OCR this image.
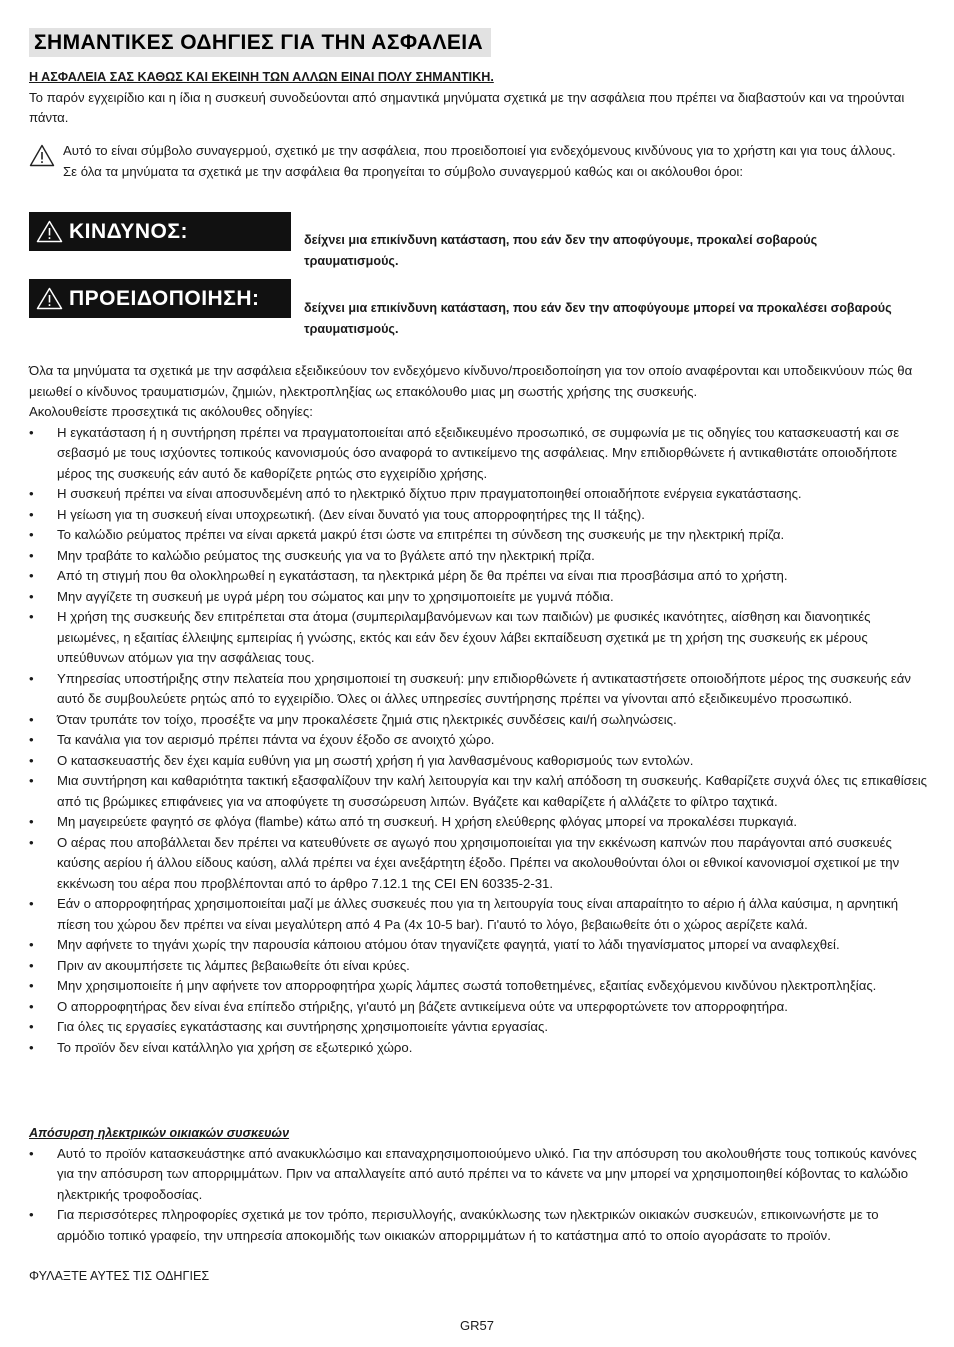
ΣΗΜΑΝΤΙΚΕΣ ΟΔΗΓΙΕΣ ΓΙΑ ΤΗΝ ΑΣΦΑΛΕΙΑ
Η ΑΣΦΑΛΕΙΑ ΣΑΣ ΚΑΘΩΣ ΚΑΙ ΕΚΕΙΝΗ ΤΩΝ ΑΛΛΩΝ ΕΙΝΑΙ ΠΟΛΥ ΣΗΜΑΝΤΙΚΗ.

Το παρόν εγχειρίδιο και η ίδια η συσκευή συνοδεύονται από σημαντικά μηνύματα σχετικά με την ασφάλεια που πρέπει να διαβαστούν και να τηρούνται πάντα.

Αυτό το είναι σύμβολο συναγερμού, σχετικό με την ασφάλεια, που προειδοποιεί για ενδεχόμενους κινδύνους για το χρήστη και για τους άλλους.

Σε όλα τα μηνύματα τα σχετικά με την ασφάλεια θα προηγείται το σύμβολο συναγερμού καθώς και οι ακόλουθοι όροι:

ΚΙΝΔΥΝΟΣ:	δείχνει μια επικίνδυνη κατάσταση, που εάν δεν την αποφύγουμε, προκαλεί σοβαρούς τραυματισμούς.
ΠΡΟΕΙΔΟΠΟΙΗΣΗ:	δείχνει μια επικίνδυνη κατάσταση, που εάν δεν την αποφύγουμε μπορεί να προκαλέσει σοβαρούς τραυματισμούς.

Όλα τα μηνύματα τα σχετικά με την ασφάλεια εξειδικεύουν τον ενδεχόμενο κίνδυνο/προειδοποίηση για τον οποίο αναφέρονται και υποδεικνύουν πώς θα μειωθεί ο κίνδυνος τραυματισμών, ζημιών, ηλεκτροπληξίας ως επακόλουθο μιας μη σωστής χρήσης της συσκευής.

Ακολουθείστε προσεχτικά τις ακόλουθες οδηγίες:

• Η εγκατάσταση ή η συντήρηση πρέπει να πραγματοποιείται από εξειδικευμένο προσωπικό, σε συμφωνία με τις οδηγίες του κατασκευαστή και σε σεβασμό με τους ισχύοντες τοπικούς κανονισμούς όσο αναφορά το αντικείμενο της ασφάλειας. Μην επιδιορθώνετε ή αντικαθιστάτε οποιοδήποτε μέρος της συσκευής εάν αυτό δε καθορίζετε ρητώς στο εγχειρίδιο χρήσης.
• Η συσκευή πρέπει να είναι αποσυνδεμένη από το ηλεκτρικό δίχτυο πριν πραγματοποιηθεί οποιαδήποτε ενέργεια εγκατάστασης.
• Η γείωση για τη συσκευή είναι υποχρεωτική. (Δεν είναι δυνατό για τους απορροφητήρες της ΙΙ τάξης).
• Το καλώδιο ρεύματος πρέπει να είναι αρκετά μακρύ έτσι ώστε να επιτρέπει τη σύνδεση της συσκευής με την ηλεκτρική πρίζα.
• Μην τραβάτε το καλώδιο ρεύματος της συσκευής για να το βγάλετε από την ηλεκτρική πρίζα.
• Από τη στιγμή που θα ολοκληρωθεί η εγκατάσταση, τα ηλεκτρικά μέρη δε θα πρέπει να είναι πια προσβάσιμα από το χρήστη.
• Μην αγγίζετε τη συσκευή με υγρά μέρη του σώματος και μην το χρησιμοποιείτε με γυμνά πόδια.
• Η χρήση της συσκευής δεν επιτρέπεται στα άτομα (συμπεριλαμβανόμενων και των παιδιών) με φυσικές ικανότητες, αίσθηση και διανοητικές μειωμένες, η εξαιτίας έλλειψης εμπειρίας ή γνώσης, εκτός και εάν δεν έχουν λάβει εκπαίδευση σχετικά με τη χρήση της συσκευής εκ μέρους υπεύθυνων ατόμων για την ασφάλειας τους.
• Υπηρεσίας υποστήριξης στην πελατεία που χρησιμοποιεί τη συσκευή: μην επιδιορθώνετε ή αντικαταστήσετε οποιοδήποτε μέρος της συσκευής εάν αυτό δε συμβουλεύετε ρητώς από το εγχειρίδιο. Όλες οι άλλες υπηρεσίες συντήρησης πρέπει να γίνονται από εξειδικευμένο προσωπικό.
• Όταν τρυπάτε τον τοίχο, προσέξτε να μην προκαλέσετε ζημιά στις ηλεκτρικές συνδέσεις και/ή σωληνώσεις.
• Τα κανάλια για τον αερισμό πρέπει πάντα να έχουν έξοδο σε ανοιχτό χώρο.
• Ο κατασκευαστής δεν έχει καμία ευθύνη για μη σωστή χρήση ή για λανθασμένους καθορισμούς των εντολών.
• Μια συντήρηση και καθαριότητα τακτική εξασφαλίζουν την καλή λειτουργία και την καλή απόδοση τη συσκευής. Καθαρίζετε συχνά όλες τις επικαθίσεις από τις βρώμικες επιφάνειες για να αποφύγετε τη συσσώρευση λιπών. Βγάζετε και καθαρίζετε ή αλλάζετε το φίλτρο ταχτικά.
• Μη μαγειρεύετε φαγητό σε φλόγα (flambe) κάτω από τη συσκευή. Η χρήση ελεύθερης φλόγας μπορεί να προκαλέσει πυρκαγιά.
• Ο αέρας που αποβάλλεται δεν πρέπει να κατευθύνετε σε αγωγό που χρησιμοποιείται για την εκκένωση καπνών που παράγονται από συσκευές καύσης αερίου ή άλλου είδους καύση, αλλά πρέπει να έχει ανεξάρτητη έξοδο. Πρέπει να ακολουθούνται όλοι οι εθνικοί κανονισμοί σχετικοί με την εκκένωση του αέρα που προβλέπονται από το άρθρο 7.12.1 της CEI EN 60335-2-31.
• Εάν ο απορροφητήρας χρησιμοποιείται μαζί με άλλες συσκευές που για τη λειτουργία τους είναι απαραίτητο το αέριο ή άλλα καύσιμα, η αρνητική πίεση του χώρου δεν πρέπει να είναι μεγαλύτερη από 4 Pa (4x 10-5 bar). Γι'αυτό το λόγο, βεβαιωθείτε ότι ο χώρος αερίζετε καλά.
• Μην αφήνετε το τηγάνι χωρίς την παρουσία κάποιου ατόμου όταν τηγανίζετε φαγητά, γιατί το λάδι τηγανίσματος μπορεί να αναφλεχθεί.
• Πριν αν ακουμπήσετε τις λάμπες βεβαιωθείτε ότι είναι κρύες.
• Μην χρησιμοποιείτε ή μην αφήνετε τον απορροφητήρα χωρίς λάμπες σωστά τοποθετημένες, εξαιτίας ενδεχόμενου κινδύνου ηλεκτροπληξίας.
• Ο απορροφητήρας δεν είναι ένα επίπεδο στήριξης, γι'αυτό μη βάζετε αντικείμενα ούτε να υπερφορτώνετε τον απορροφητήρα.
• Για όλες τις εργασίες εγκατάστασης και συντήρησης χρησιμοποιείτε γάντια εργασίας.
• Το προϊόν δεν είναι κατάλληλο για χρήση σε εξωτερικό χώρο.
Απόσυρση ηλεκτρικών οικιακών συσκευών
• Αυτό το προϊόν κατασκευάστηκε από ανακυκλώσιμο και επαναχρησιμοποιούμενο υλικό. Για την απόσυρση του ακολουθήστε τους τοπικούς κανόνες για την απόσυρση των απορριμμάτων. Πριν να απαλλαγείτε από αυτό πρέπει να το κάνετε να μην μπορεί να χρησιμοποιηθεί κόβοντας το καλώδιο ηλεκτρικής τροφοδοσίας.
• Για περισσότερες πληροφορίες σχετικά με τον τρόπο, περισυλλογής, ανακύκλωσης των ηλεκτρικών οικιακών συσκευών, επικοινωνήστε με το αρμόδιο τοπικό γραφείο, την υπηρεσία αποκομιδής των οικιακών απορριμμάτων ή το κατάστημα από το οποίο αγοράσατε το προϊόν.
ΦΥΛΑΞΤΕ ΑΥΤΕΣ ΤΙΣ ΟΔΗΓΙΕΣ
GR57
